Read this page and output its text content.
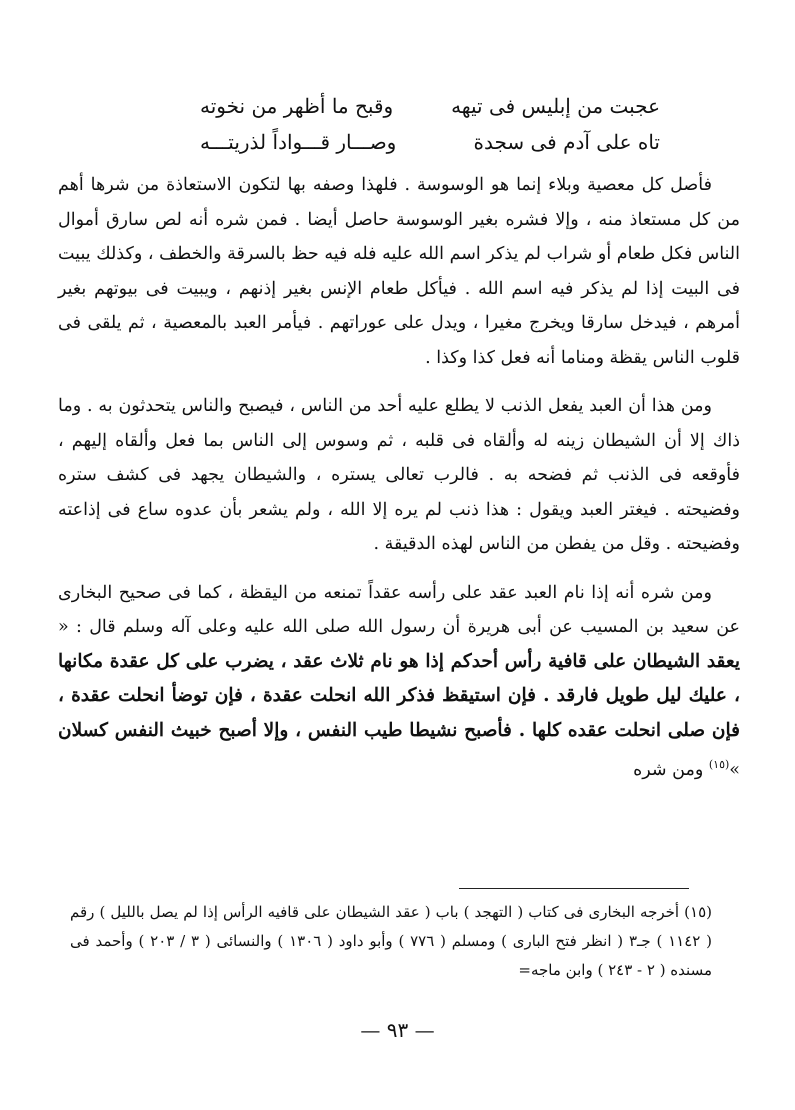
عجبت من إبليس فى تيهه
وقبح ما أظهر من نخوته
تاه على آدم فى سجدة
وصـــار قـــواداً لذريتـــه

فأصل كل معصية وبلاء إنما هو الوسوسة . فلهذا وصفه بها لتكون الاستعاذة من شرها أهم من كل مستعاذ منه ، وإلا فشره بغير الوسوسة حاصل أيضا . فمن شره أنه لص سارق أموال الناس فكل طعام أو شراب لم يذكر اسم الله عليه فله فيه حظ بالسرقة والخطف ، وكذلك يبيت فى البيت إذا لم يذكر فيه اسم الله . فيأكل طعام الإنس بغير إذنهم ، ويبيت فى بيوتهم بغير أمرهم ، فيدخل سارقا ويخرج مغيرا ، ويدل على عوراتهم . فيأمر العبد بالمعصية ، ثم يلقى فى قلوب الناس يقظة ومناما أنه فعل كذا وكذا .

ومن هذا أن العبد يفعل الذنب لا يطلع عليه أحد من الناس ، فيصبح والناس يتحدثون به . وما ذاك إلا أن الشيطان زينه له وألقاه فى قلبه ، ثم وسوس إلى الناس بما فعل وألقاه إليهم ، فأوقعه فى الذنب ثم فضحه به . فالرب تعالى يستره ، والشيطان يجهد فى كشف ستره وفضيحته . فيغتر العبد ويقول : هذا ذنب لم يره إلا الله ، ولم يشعر بأن عدوه ساع فى إذاعته وفضيحته . وقل من يفطن من الناس لهذه الدقيقة .

ومن شره أنه إذا نام العبد عقد على رأسه عقداً تمنعه من اليقظة ، كما فى صحيح البخارى عن سعيد بن المسيب عن أبى هريرة أن رسول الله صلى الله عليه وعلى آله وسلم قال : « يعقد الشيطان على قافية رأس أحدكم إذا هو نام ثلاث عقد ، يضرب على كل عقدة مكانها ، عليك ليل طويل فارقد . فإن استيقظ فذكر الله انحلت عقدة ، فإن توضأ انحلت عقدة ، فإن صلى انحلت عقده كلها . فأصبح نشيطا طيب النفس ، وإلا أصبح خبيث النفس كسلان »$^{(١٥)}$ ومن شره

(١٥) أخرجه البخارى فى كتاب ( التهجد ) باب ( عقد الشيطان على قافيه الرأس إذا لم يصل بالليل ) رقم ( ١١٤٢ ) جـ٣ ( انظر فتح البارى ) ومسلم ( ٧٧٦ ) وأبو داود ( ١٣٠٦ ) والنسائى ( ٣ / ٢٠٣ ) وأحمد فى مسنده ( ٢ - ٢٤٣ ) وابن ماجه=

— ٩٣ —
